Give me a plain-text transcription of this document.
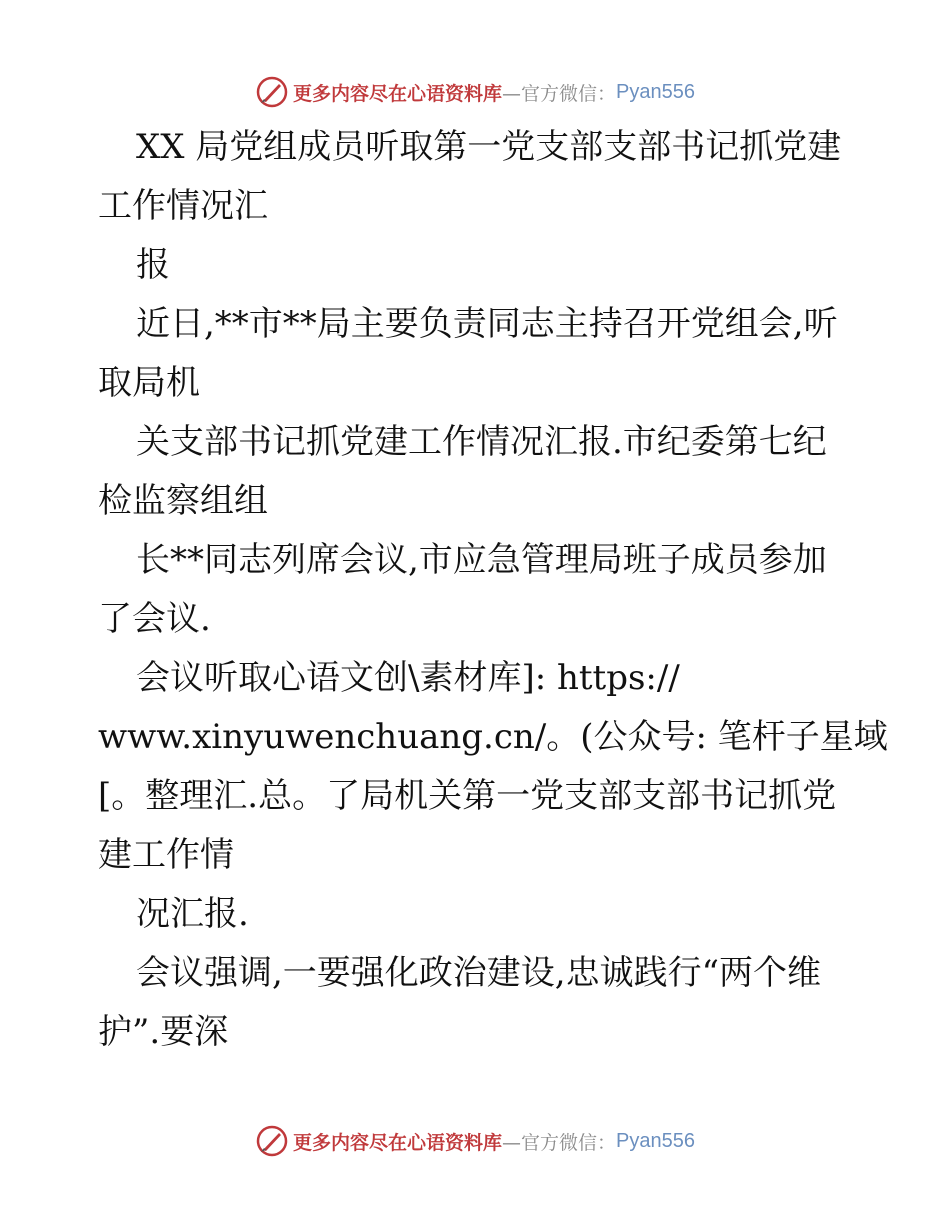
更多内容尽在心语资料库 —官方微信： Pyan556
XX 局党组成员听取第一党支部支部书记抓党建
工作情况汇
报
近日,**市**局主要负责同志主持召开党组会,听
取局机
关支部书记抓党建工作情况汇报.市纪委第七纪
检监察组组
长**同志列席会议,市应急管理局班子成员参加
了会议.
会议听取心语文创\素材库]: https://
www.xinyuwenchuang.cn/。(公众号: 笔杆子星域
[。整理汇.总。了局机关第一党支部支部书记抓党
建工作情
况汇报.
会议强调,一要强化政治建设,忠诚践行“两个维
护”.要深
更多内容尽在心语资料库 —官方微信： Pyan556
